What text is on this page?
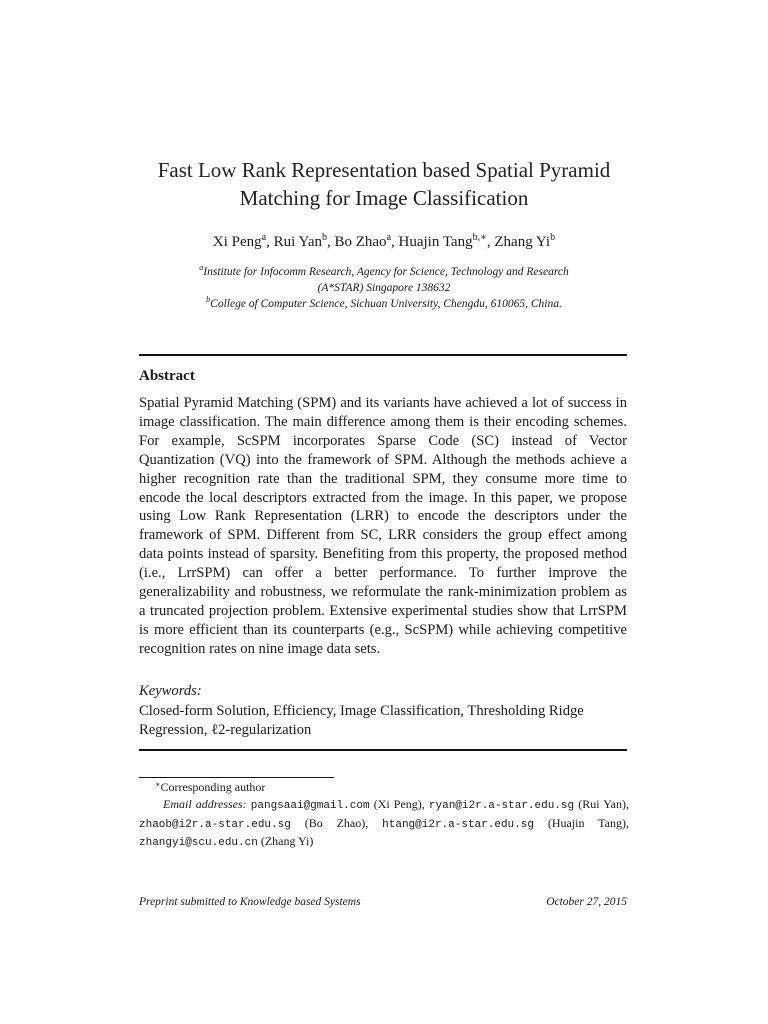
Fast Low Rank Representation based Spatial Pyramid
Matching for Image Classification
Xi Peng$^a$, Rui Yan$^b$, Bo Zhao$^a$, Huajin Tang$^{b,∗}$, Zhang Yi$^b$
$^a$Institute for Infocomm Research, Agency for Science, Technology and Research
(A*STAR) Singapore 138632
$^b$College of Computer Science, Sichuan University, Chengdu, 610065, China.
Abstract
Spatial Pyramid Matching (SPM) and its variants have achieved a lot of success in image classification. The main difference among them is their encoding schemes. For example, ScSPM incorporates Sparse Code (SC) instead of Vector Quantization (VQ) into the framework of SPM. Although the methods achieve a higher recognition rate than the traditional SPM, they consume more time to encode the local descriptors extracted from the image. In this paper, we propose using Low Rank Representation (LRR) to encode the descriptors under the framework of SPM. Different from SC, LRR considers the group effect among data points instead of sparsity. Benefiting from this property, the proposed method (i.e., LrrSPM) can offer a better performance. To further improve the generalizability and robustness, we reformulate the rank-minimization problem as a truncated projection problem. Extensive experimental studies show that LrrSPM is more efficient than its counterparts (e.g., ScSPM) while achieving competitive recognition rates on nine image data sets.
Keywords:
Closed-form Solution, Efficiency, Image Classification, Thresholding Ridge Regression, ℓ2-regularization
∗Corresponding author
Email addresses: pangsaai@gmail.com (Xi Peng), ryan@i2r.a-star.edu.sg (Rui Yan), zhaob@i2r.a-star.edu.sg (Bo Zhao), htang@i2r.a-star.edu.sg (Huajin Tang), zhangyi@scu.edu.cn (Zhang Yi)
Preprint submitted to Knowledge based Systems	October 27, 2015
